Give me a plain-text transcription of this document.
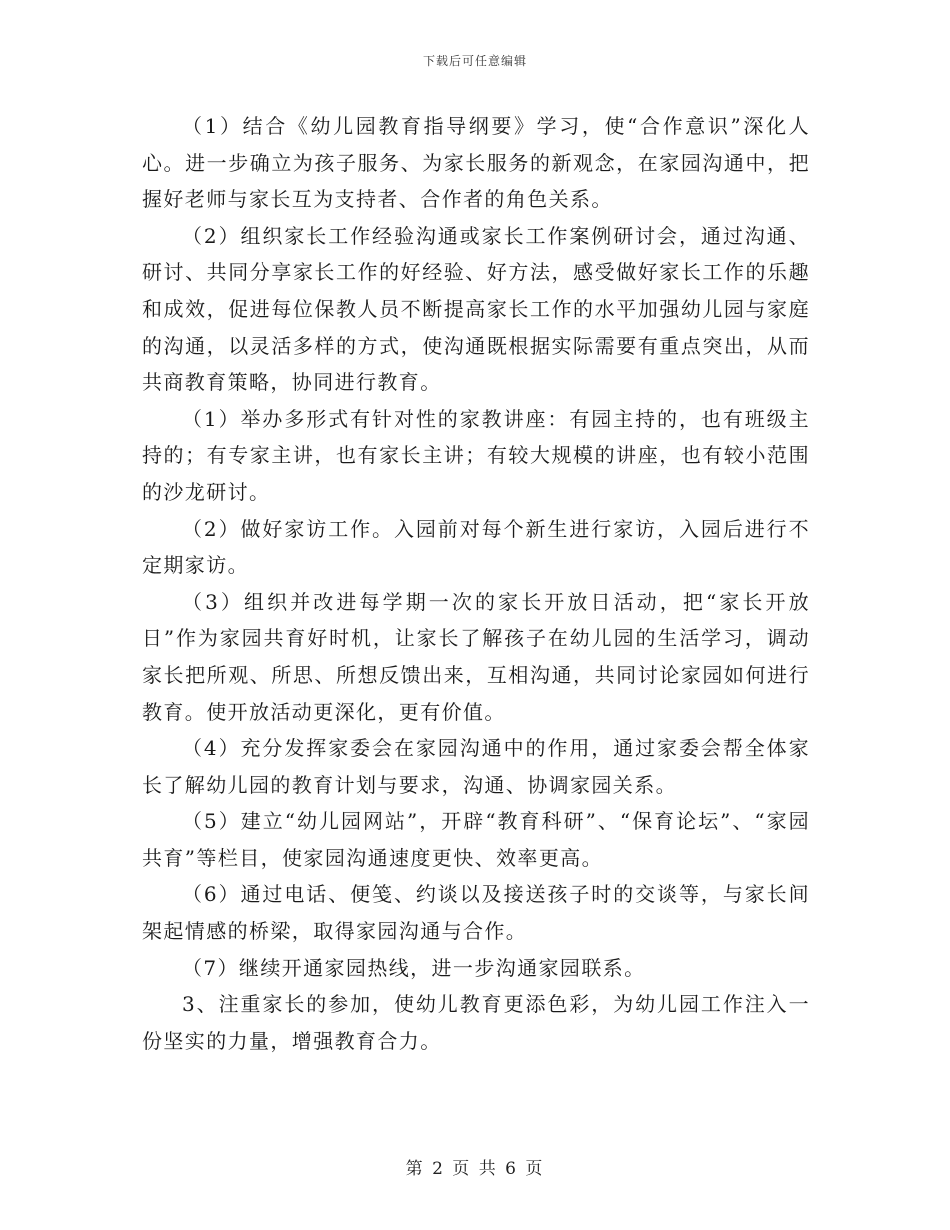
下载后可任意编辑

（1）结合《幼儿园教育指导纲要》学习，使“合作意识”深化人心。进一步确立为孩子服务、为家长服务的新观念，在家园沟通中，把握好老师与家长互为支持者、合作者的角色关系。

（2）组织家长工作经验沟通或家长工作案例研讨会，通过沟通、研讨、共同分享家长工作的好经验、好方法，感受做好家长工作的乐趣和成效，促进每位保教人员不断提高家长工作的水平加强幼儿园与家庭的沟通，以灵活多样的方式，使沟通既根据实际需要有重点突出，从而共商教育策略，协同进行教育。

（1）举办多形式有针对性的家教讲座：有园主持的，也有班级主持的；有专家主讲，也有家长主讲；有较大规模的讲座，也有较小范围的沙龙研讨。

（2）做好家访工作。入园前对每个新生进行家访，入园后进行不定期家访。

（3）组织并改进每学期一次的家长开放日活动，把“家长开放日”作为家园共育好时机，让家长了解孩子在幼儿园的生活学习，调动家长把所观、所思、所想反馈出来，互相沟通，共同讨论家园如何进行教育。使开放活动更深化，更有价值。

（4）充分发挥家委会在家园沟通中的作用，通过家委会帮全体家长了解幼儿园的教育计划与要求，沟通、协调家园关系。

（5）建立“幼儿园网站”，开辟“教育科研”、“保育论坛”、“家园共育”等栏目，使家园沟通速度更快、效率更高。

（6）通过电话、便笺、约谈以及接送孩子时的交谈等，与家长间架起情感的桥梁，取得家园沟通与合作。

（7）继续开通家园热线，进一步沟通家园联系。

3、注重家长的参加，使幼儿教育更添色彩，为幼儿园工作注入一份坚实的力量，增强教育合力。

第 2 页 共 6 页
